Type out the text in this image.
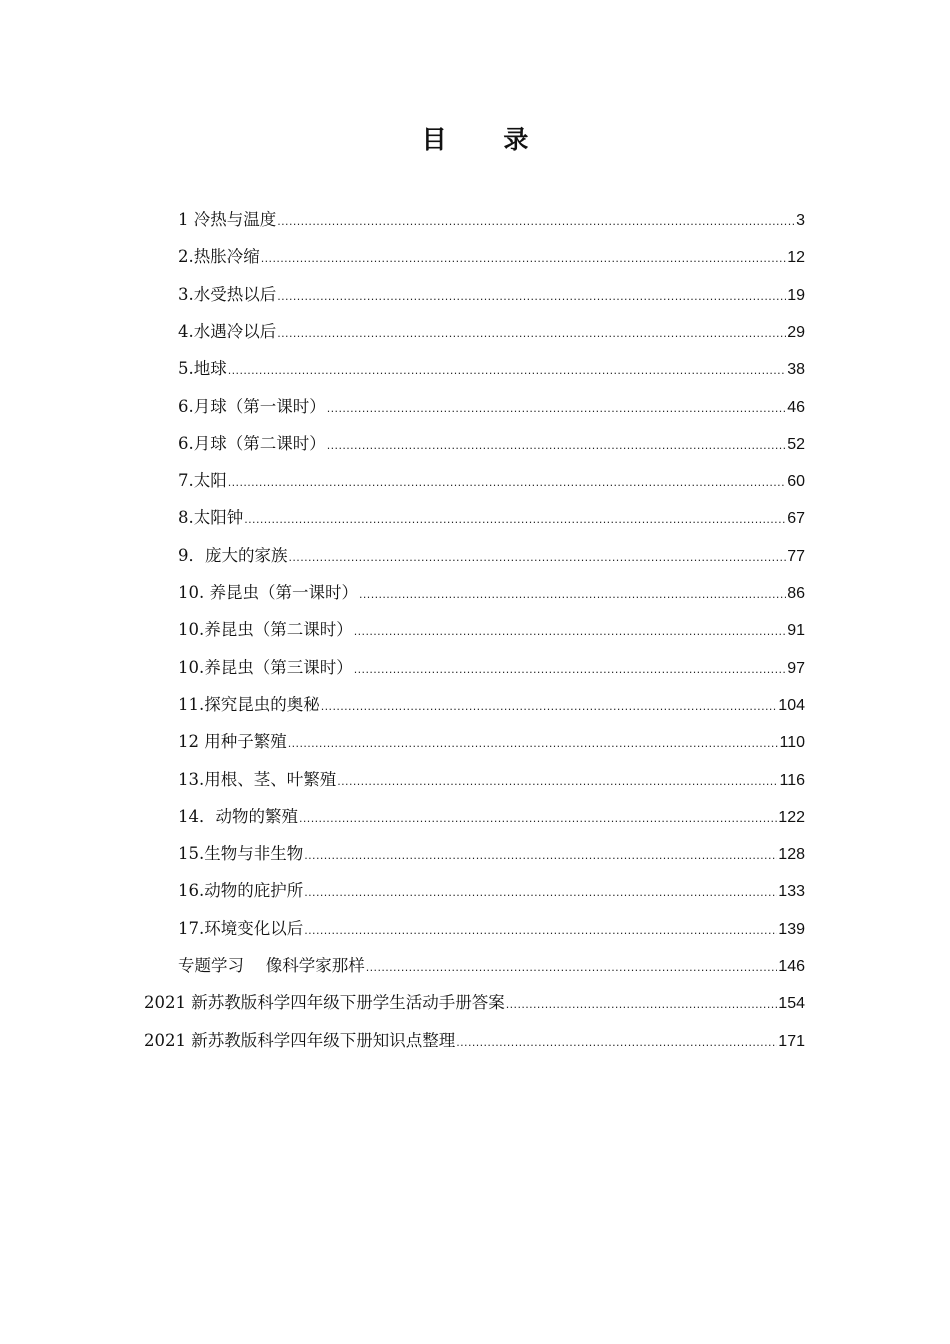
目 录
1 冷热与温度 .....	3
2.热胀冷缩 .....	12
3.水受热以后 .....	19
4.水遇冷以后 .....	29
5.地球 .....	38
6.月球（第一课时） .....	46
6.月球（第二课时） .....	52
7.太阳 .....	60
8.太阳钟 .....	67
9．庞大的家族 .....	77
10. 养昆虫（第一课时） .....	86
10.养昆虫（第二课时） .....	91
10.养昆虫（第三课时） .....	97
11.探究昆虫的奥秘 .....	104
12 用种子繁殖 .....	110
13.用根、茎、叶繁殖 .....	116
14．动物的繁殖 .....	122
15.生物与非生物 .....	128
16.动物的庇护所 .....	133
17.环境变化以后 .....	139
专题学习　 像科学家那样 .....	146
2021 新苏教版科学四年级下册学生活动手册答案 .....	154
2021 新苏教版科学四年级下册知识点整理 .....	171
